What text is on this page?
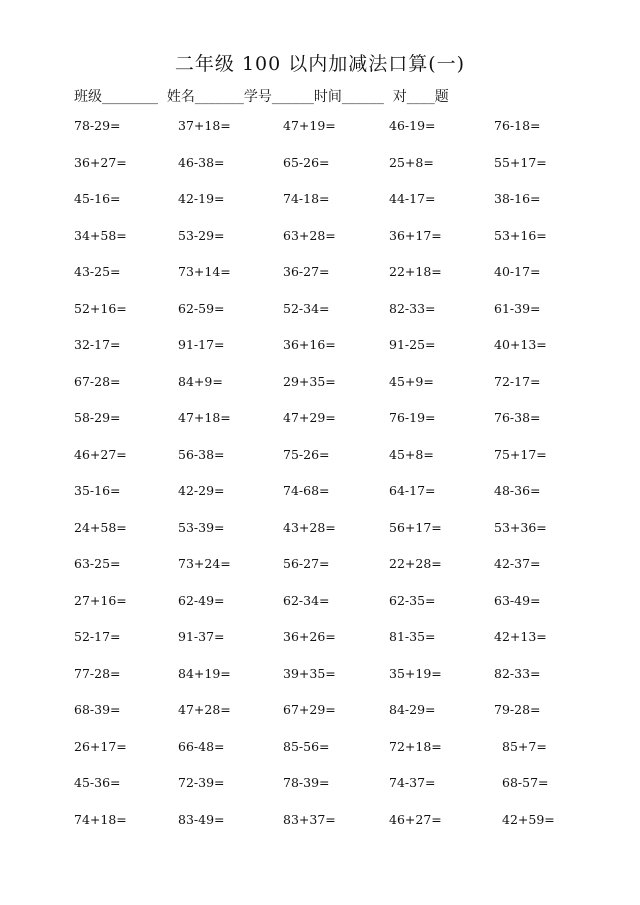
二年级 100 以内加减法口算(一)
班级________  姓名_______学号______时间______  对____题
78-29=	37+18=	47+19=	46-19=	76-18=
36+27=	46-38=	65-26=	25+8=	55+17=
45-16=	42-19=	74-18=	44-17=	38-16=
34+58=	53-29=	63+28=	36+17=	53+16=
43-25=	73+14=	36-27=	22+18=	40-17=
52+16=	62-59=	52-34=	82-33=	61-39=
32-17=	91-17=	36+16=	91-25=	40+13=
67-28=	84+9=	29+35=	45+9=	72-17=
58-29=	47+18=	47+29=	76-19=	76-38=
46+27=	56-38=	75-26=	45+8=	75+17=
35-16=	42-29=	74-68=	64-17=	48-36=
24+58=	53-39=	43+28=	56+17=	53+36=
63-25=	73+24=	56-27=	22+28=	42-37=
27+16=	62-49=	62-34=	62-35=	63-49=
52-17=	91-37=	36+26=	81-35=	42+13=
77-28=	84+19=	39+35=	35+19=	82-33=
68-39=	47+28=	67+29=	84-29=	79-28=
26+17=	66-48=	85-56=	72+18=	85+7=
45-36=	72-39=	78-39=	74-37=	68-57=
74+18=	83-49=	83+37=	46+27=	42+59=
